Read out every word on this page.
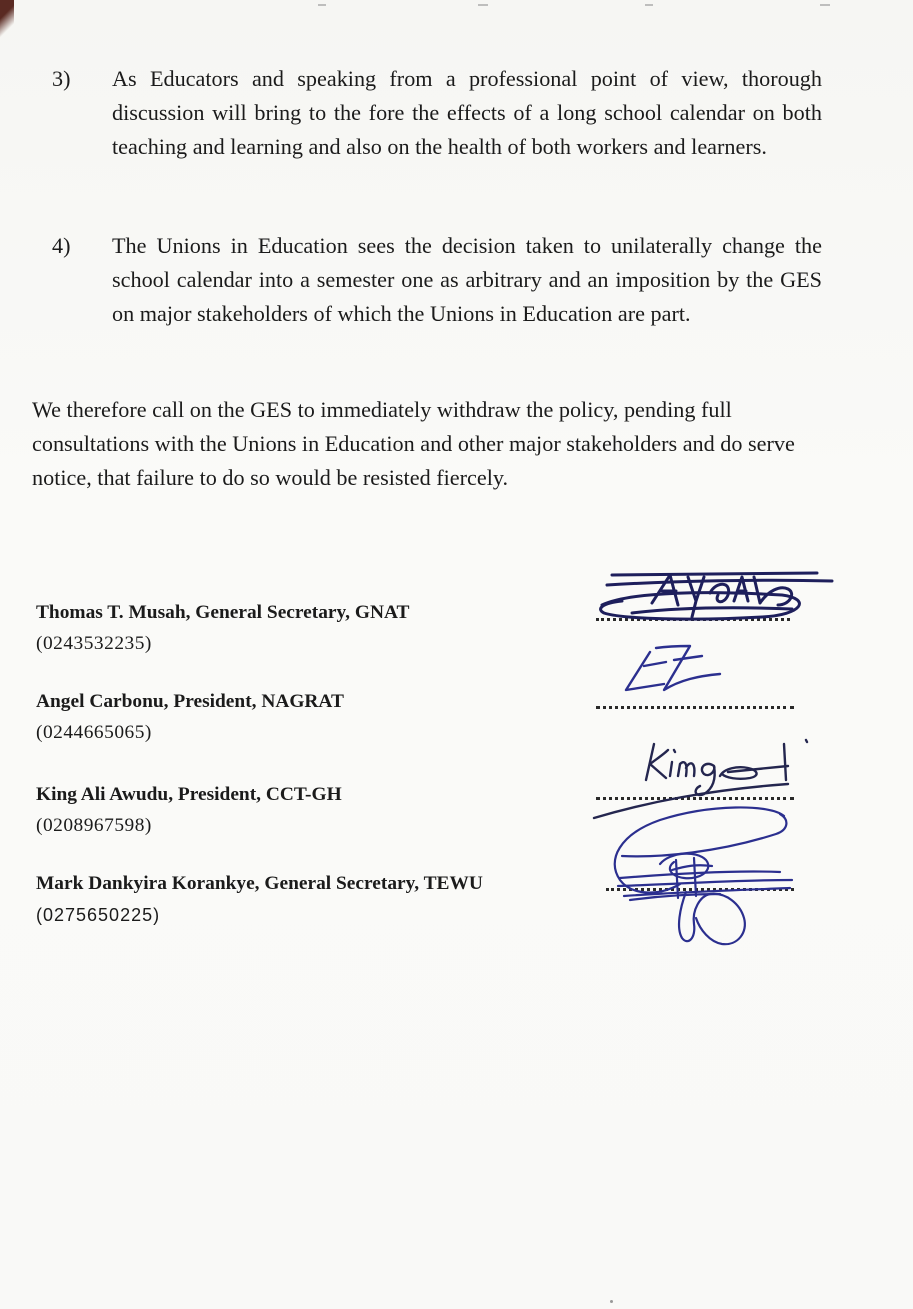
3)	As Educators and speaking from a professional point of view, thorough discussion will bring to the fore the effects of a long school calendar on both teaching and learning and also on the health of both workers and learners.
4)	The Unions in Education sees the decision taken to unilaterally change the school calendar into a semester one as arbitrary and an imposition by the GES on major stakeholders of which the Unions in Education are part.
We therefore call on the GES to immediately withdraw the policy, pending full consultations with the Unions in Education and other major stakeholders and do serve notice, that failure to do so would be resisted fiercely.
Thomas T. Musah, General Secretary, GNAT
(0243532235)
Angel Carbonu, President, NAGRAT
(0244665065)
King Ali Awudu, President, CCT-GH
(0208967598)
Mark Dankyira Korankye, General Secretary, TEWU
(0275650225)
